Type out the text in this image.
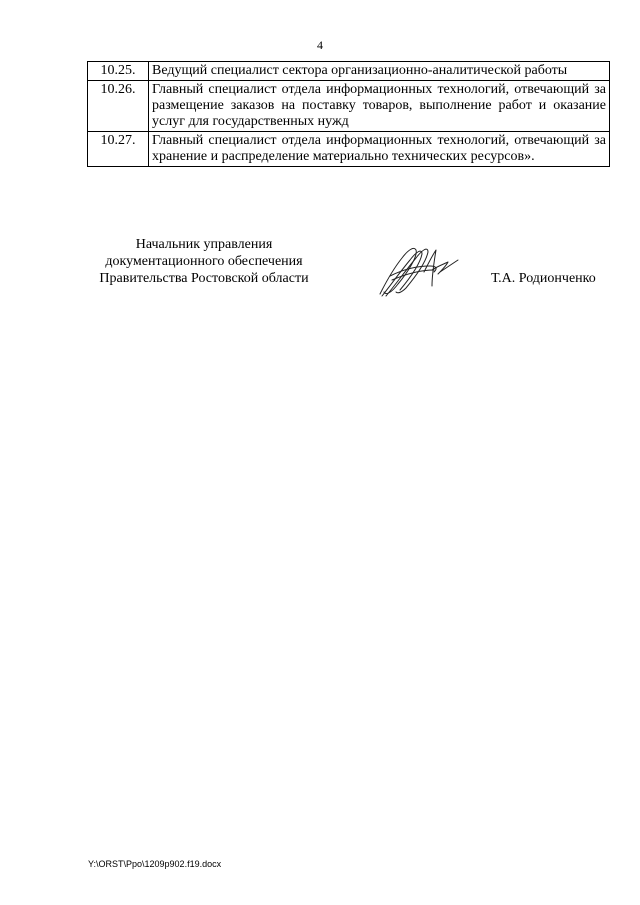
4
10.25.	Ведущий специалист сектора организационно-аналитической работы
10.26.	Главный специалист отдела информационных технологий, отвечающий за размещение заказов на поставку товаров, выполнение работ и оказание услуг для государственных нужд
10.27.	Главный специалист отдела информационных технологий, отвечающий за хранение и распределение материально технических ресурсов».
Начальник управления
документационного обеспечения
Правительства Ростовской области	Т.А. Родионченко
Y:\ORST\Ppo\1209p902.f19.docx
